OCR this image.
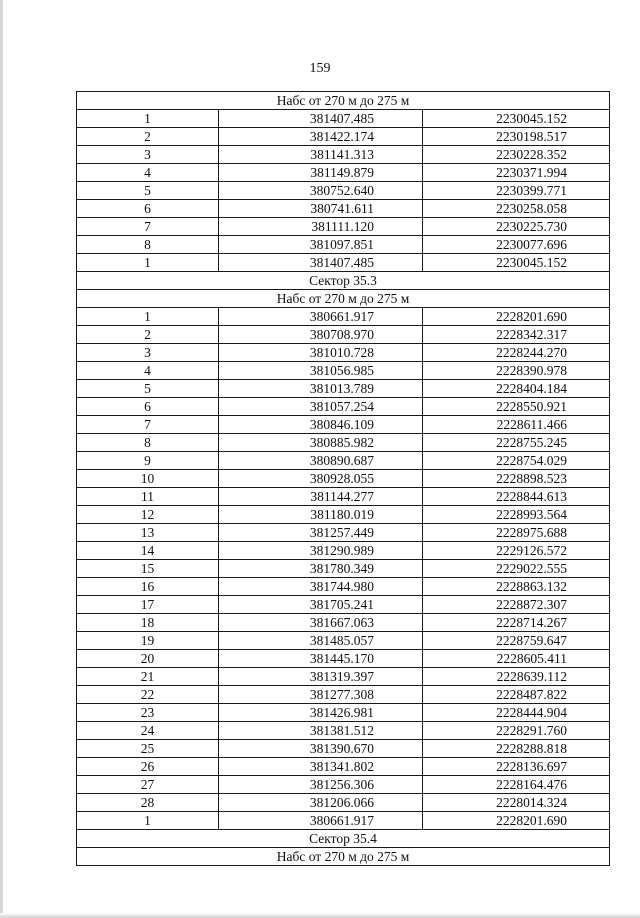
159
Набс от 270 м до 275 м		
1	381407.485	2230045.152
2	381422.174	2230198.517
3	381141.313	2230228.352
4	381149.879	2230371.994
5	380752.640	2230399.771
6	380741.611	2230258.058
7	381111.120	2230225.730
8	381097.851	2230077.696
1	381407.485	2230045.152
Сектор 35.3		
Набс от 270 м до 275 м		
1	380661.917	2228201.690
2	380708.970	2228342.317
3	381010.728	2228244.270
4	381056.985	2228390.978
5	381013.789	2228404.184
6	381057.254	2228550.921
7	380846.109	2228611.466
8	380885.982	2228755.245
9	380890.687	2228754.029
10	380928.055	2228898.523
11	381144.277	2228844.613
12	381180.019	2228993.564
13	381257.449	2228975.688
14	381290.989	2229126.572
15	381780.349	2229022.555
16	381744.980	2228863.132
17	381705.241	2228872.307
18	381667.063	2228714.267
19	381485.057	2228759.647
20	381445.170	2228605.411
21	381319.397	2228639.112
22	381277.308	2228487.822
23	381426.981	2228444.904
24	381381.512	2228291.760
25	381390.670	2228288.818
26	381341.802	2228136.697
27	381256.306	2228164.476
28	381206.066	2228014.324
1	380661.917	2228201.690
Сектор 35.4		
Набс от 270 м до 275 м		
